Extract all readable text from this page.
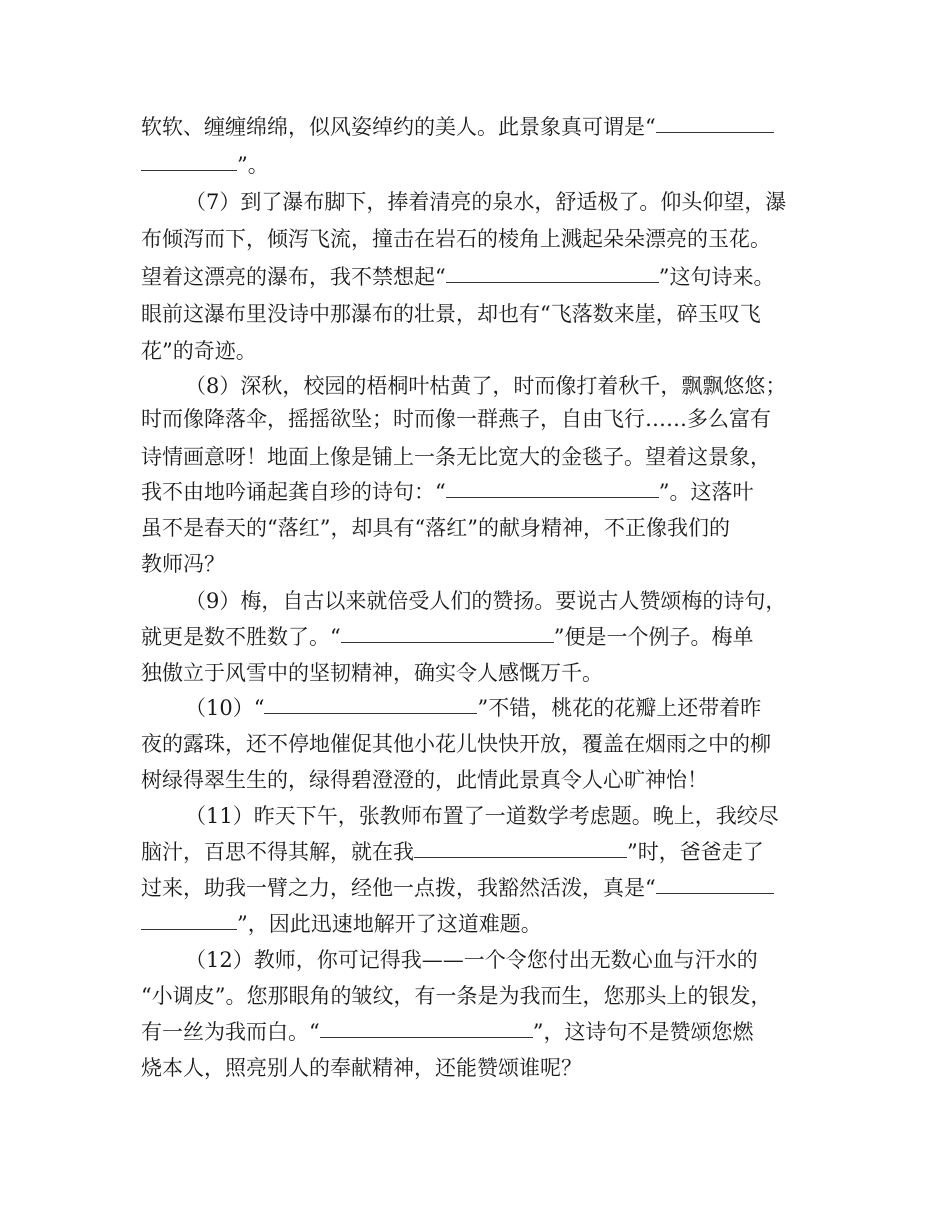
软软、缠缠绵绵，似风姿绰约的美人。此景象真可谓是“
”。
（7）到了瀑布脚下，捧着清亮的泉水，舒适极了。仰头仰望，瀑
布倾泻而下，倾泻飞流，撞击在岩石的棱角上溅起朵朵漂亮的玉花。
望着这漂亮的瀑布，我不禁想起“	”这句诗来。
眼前这瀑布里没诗中那瀑布的壮景，却也有“飞落数来崖，碎玉叹飞
花”的奇迹。
（8）深秋，校园的梧桐叶枯黄了，时而像打着秋千，飘飘悠悠；
时而像降落伞，摇摇欲坠；时而像一群燕子，自由飞行……多么富有
诗情画意呀！地面上像是铺上一条无比宽大的金毯子。望着这景象，
我不由地吟诵起龚自珍的诗句：“	”。这落叶
虽不是春天的“落红”，却具有“落红”的献身精神，不正像我们的
教师冯？
（9）梅，自古以来就倍受人们的赞扬。要说古人赞颂梅的诗句，
就更是数不胜数了。“	”便是一个例子。梅单
独傲立于风雪中的坚韧精神，确实令人感慨万千。
（10）“	”不错，桃花的花瓣上还带着昨
夜的露珠，还不停地催促其他小花儿快快开放，覆盖在烟雨之中的柳
树绿得翠生生的，绿得碧澄澄的，此情此景真令人心旷神怡！
（11）昨天下午，张教师布置了一道数学考虑题。晚上，我绞尽
脑汁，百思不得其解，就在我	”时，爸爸走了
过来，助我一臂之力，经他一点拨，我豁然活泼，真是“
”，因此迅速地解开了这道难题。
（12）教师，你可记得我——一个令您付出无数心血与汗水的
“小调皮”。您那眼角的皱纹，有一条是为我而生，您那头上的银发，
有一丝为我而白。“	”，这诗句不是赞颂您燃
烧本人，照亮别人的奉献精神，还能赞颂谁呢？
